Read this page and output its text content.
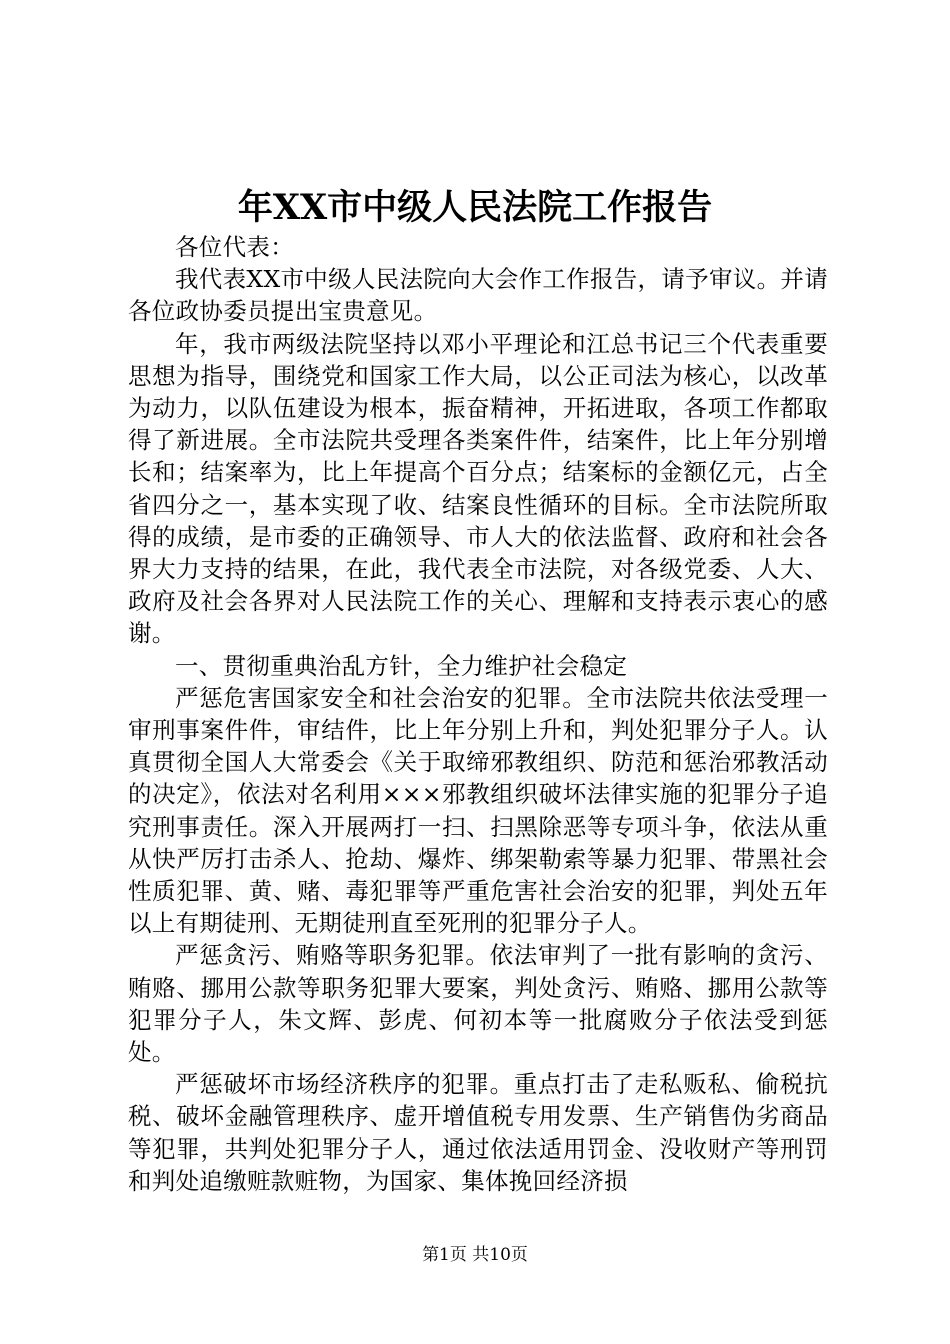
年XX市中级人民法院工作报告

各位代表：

我代表XX市中级人民法院向大会作工作报告，请予审议。并请各位政协委员提出宝贵意见。

年，我市两级法院坚持以邓小平理论和江总书记三个代表重要思想为指导，围绕党和国家工作大局，以公正司法为核心，以改革为动力，以队伍建设为根本，振奋精神，开拓进取，各项工作都取得了新进展。全市法院共受理各类案件件，结案件，比上年分别增长和；结案率为，比上年提高个百分点；结案标的金额亿元，占全省四分之一，基本实现了收、结案良性循环的目标。全市法院所取得的成绩，是市委的正确领导、市人大的依法监督、政府和社会各界大力支持的结果，在此，我代表全市法院，对各级党委、人大、政府及社会各界对人民法院工作的关心、理解和支持表示衷心的感谢。

一、贯彻重典治乱方针，全力维护社会稳定

严惩危害国家安全和社会治安的犯罪。全市法院共依法受理一审刑事案件件，审结件，比上年分别上升和，判处犯罪分子人。认真贯彻全国人大常委会《关于取缔邪教组织、防范和惩治邪教活动的决定》，依法对名利用×××邪教组织破坏法律实施的犯罪分子追究刑事责任。深入开展两打一扫、扫黑除恶等专项斗争，依法从重从快严厉打击杀人、抢劫、爆炸、绑架勒索等暴力犯罪、带黑社会性质犯罪、黄、赌、毒犯罪等严重危害社会治安的犯罪，判处五年以上有期徒刑、无期徒刑直至死刑的犯罪分子人。

严惩贪污、贿赂等职务犯罪。依法审判了一批有影响的贪污、贿赂、挪用公款等职务犯罪大要案，判处贪污、贿赂、挪用公款等犯罪分子人，朱文辉、彭虎、何初本等一批腐败分子依法受到惩处。

严惩破坏市场经济秩序的犯罪。重点打击了走私贩私、偷税抗税、破坏金融管理秩序、虚开增值税专用发票、生产销售伪劣商品等犯罪，共判处犯罪分子人，通过依法适用罚金、没收财产等刑罚和判处追缴赃款赃物，为国家、集体挽回经济损

第1页 共10页
